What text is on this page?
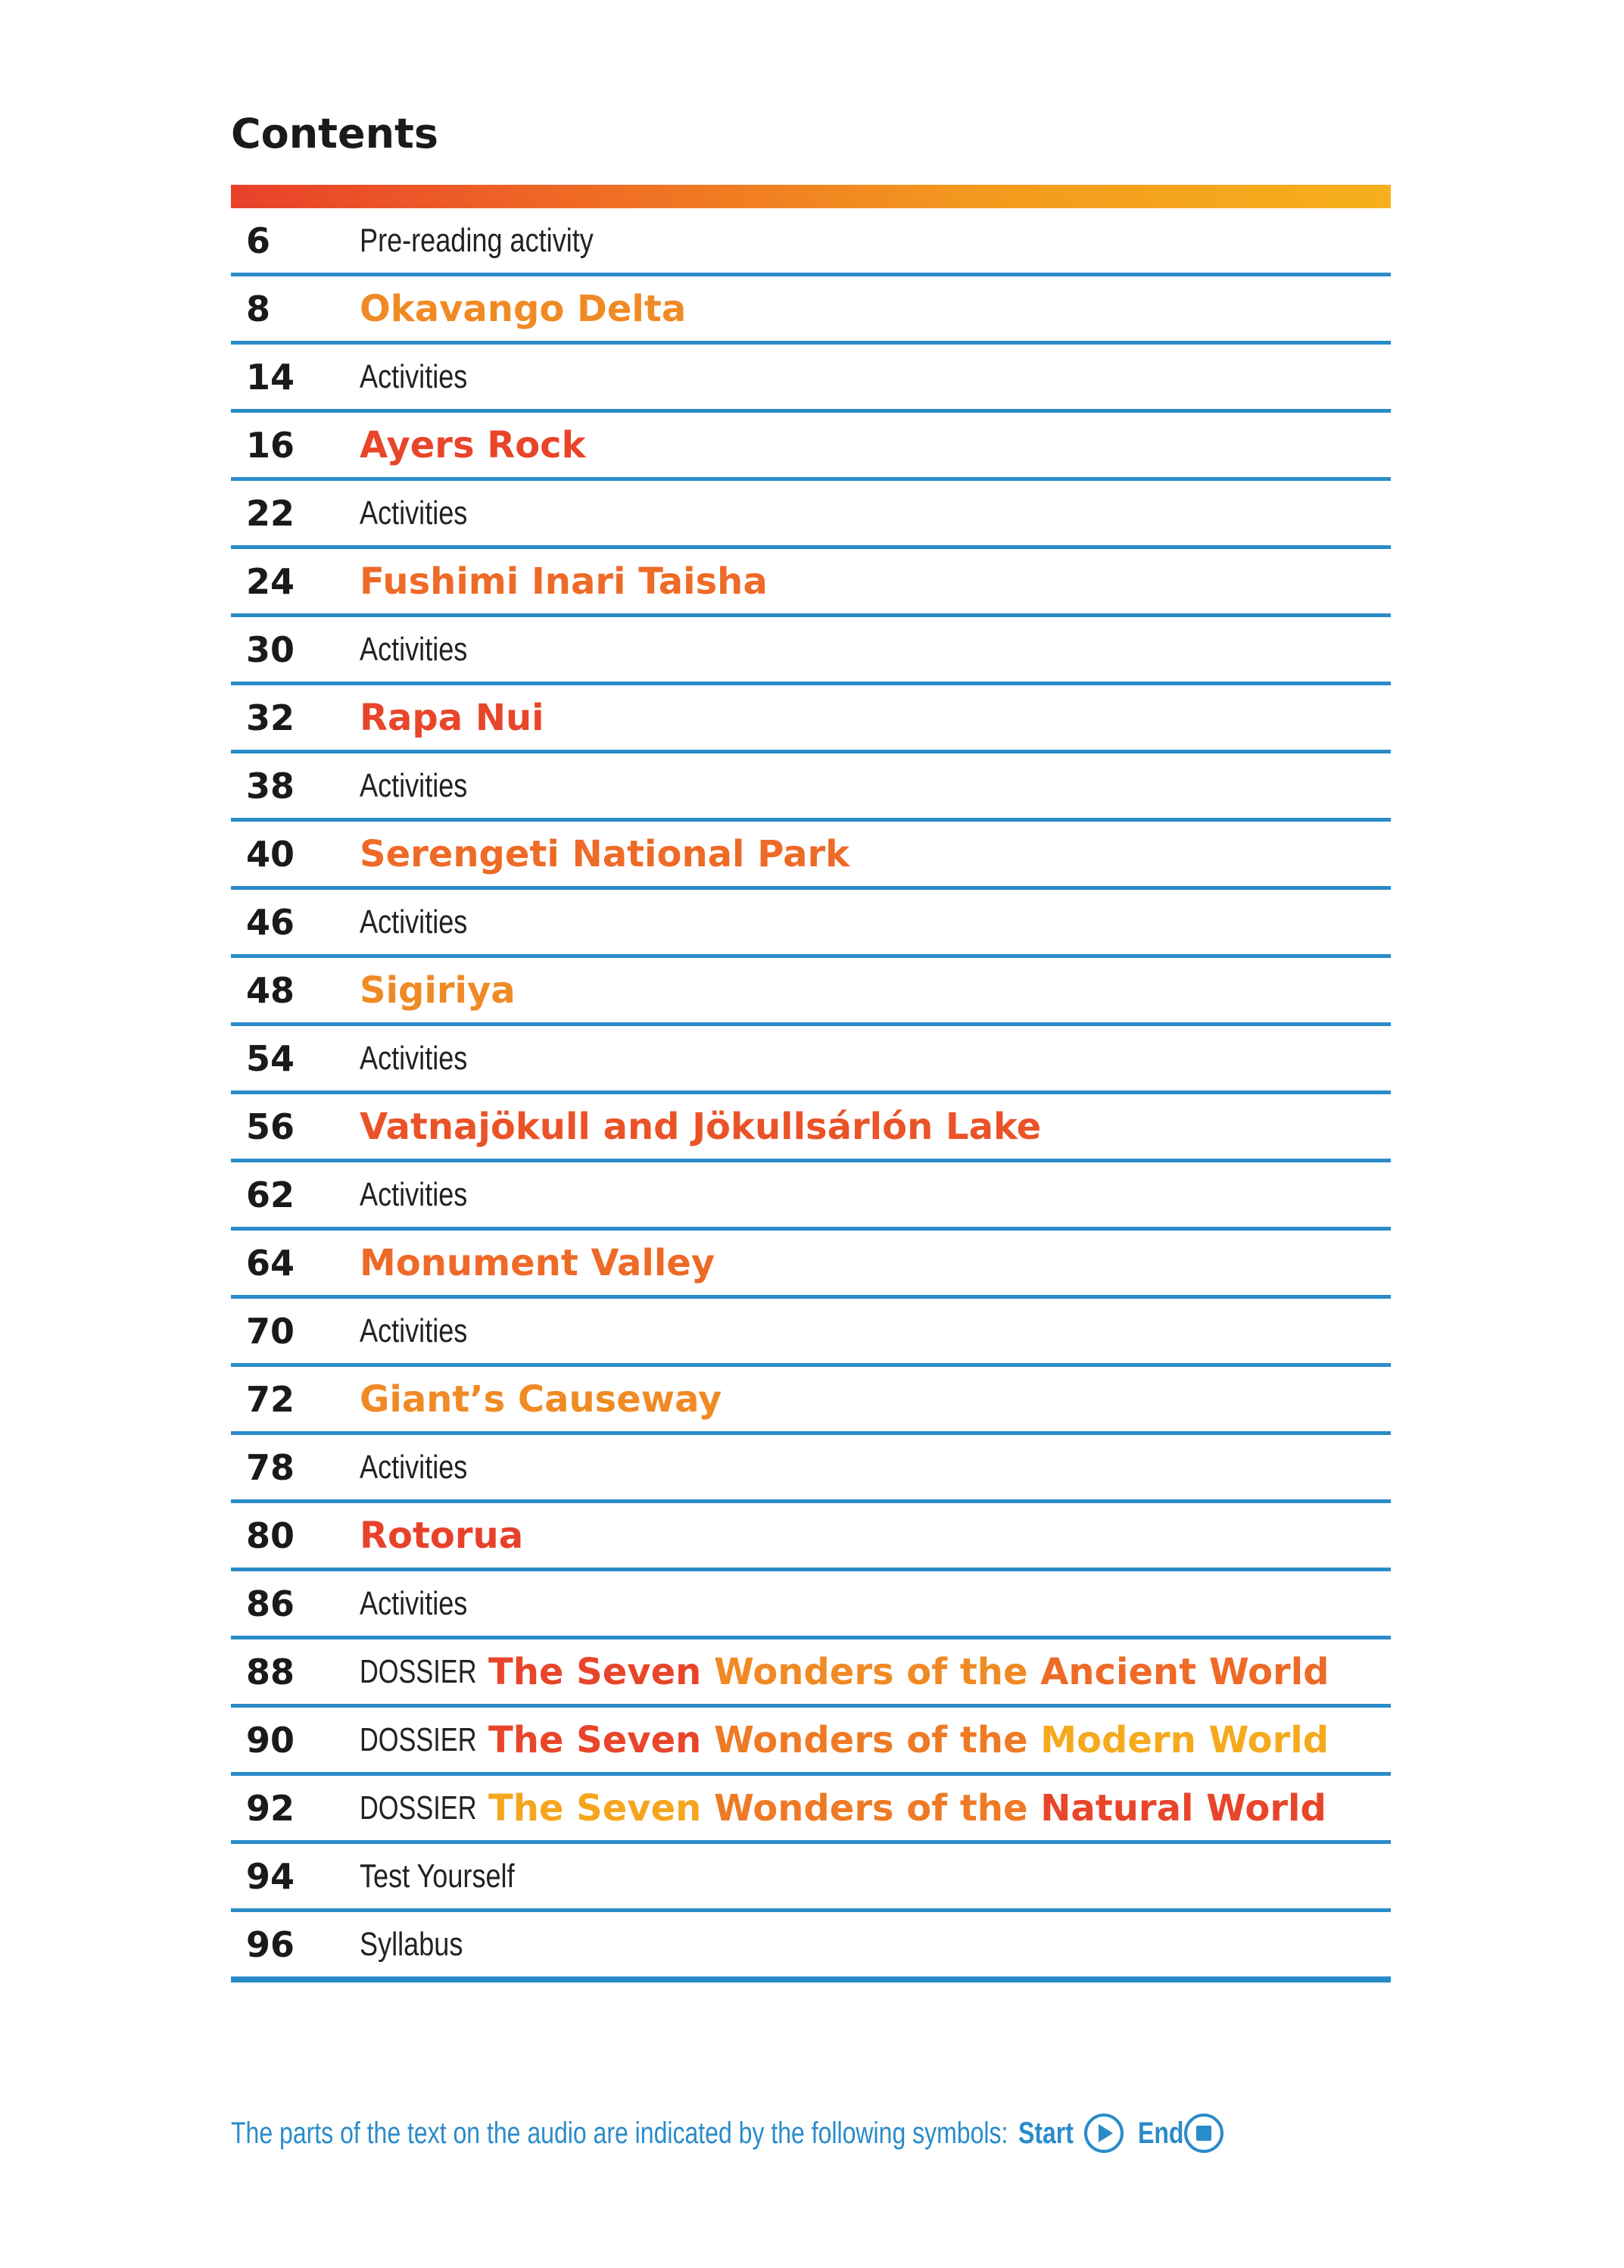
Contents
6	Pre-reading activity
8 Okavango Delta
14 Activities
16 Ayers Rock
22 Activities
24 Fushimi Inari Taisha
30 Activities
32 Rapa Nui
38 Activities
40 Serengeti National Park
46 Activities
48 Sigiriya
54 Activities
56 Vatnajökull and Jökullsárlón Lake
62 Activities
64 Monument Valley
70 Activities
72 Giant’s Causeway
78 Activities
80 Rotorua
86 Activities
88 DOSSIER The Seven Wonders of the Ancient World
90 DOSSIER The Seven Wonders of the Modern World
92 DOSSIER The Seven Wonders of the Natural World
94 Test Yourself
96 Syllabus
The parts of the text on the audio are indicated by the following symbols: Start End
